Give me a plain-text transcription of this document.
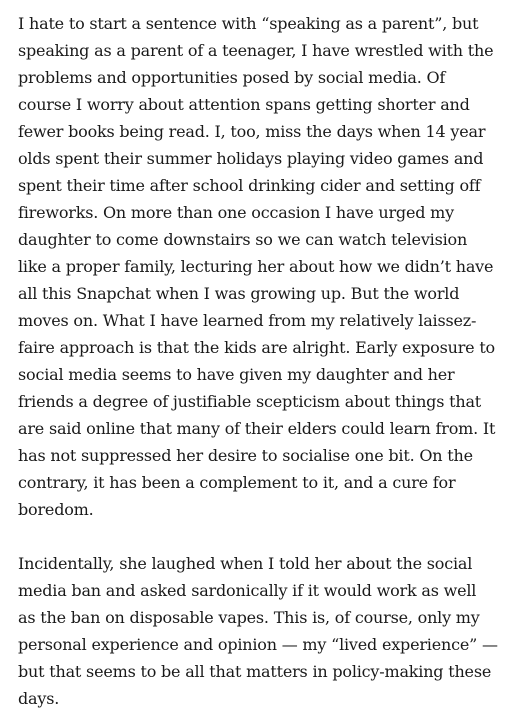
I hate to start a sentence with “speaking as a parent”, but speaking as a parent of a teenager, I have wrestled with the problems and opportunities posed by social media. Of course I worry about attention spans getting shorter and fewer books being read. I, too, miss the days when 14 year olds spent their summer holidays playing video games and spent their time after school drinking cider and setting off fireworks. On more than one occasion I have urged my daughter to come downstairs so we can watch television like a proper family, lecturing her about how we didn’t have all this Snapchat when I was growing up. But the world moves on. What I have learned from my relatively laissez-faire approach is that the kids are alright. Early exposure to social media seems to have given my daughter and her friends a degree of justifiable scepticism about things that are said online that many of their elders could learn from. It has not suppressed her desire to socialise one bit. On the contrary, it has been a complement to it, and a cure for boredom.

Incidentally, she laughed when I told her about the social media ban and asked sardonically if it would work as well as the ban on disposable vapes. This is, of course, only my personal experience and opinion — my “lived experience” — but that seems to be all that matters in policy-making these days.
